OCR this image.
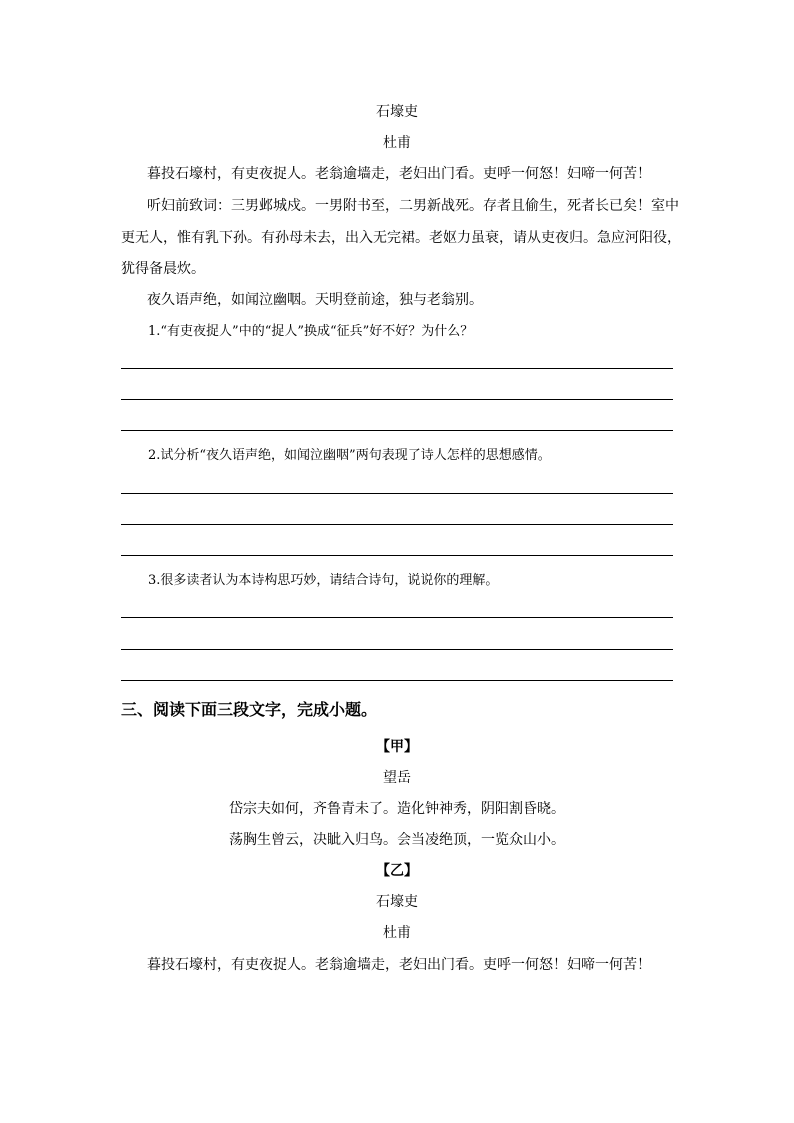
石壕吏
杜甫
暮投石壕村，有吏夜捉人。老翁逾墙走，老妇出门看。吏呼一何怒！妇啼一何苦！
听妇前致词：三男邺城戍。一男附书至，二男新战死。存者且偷生，死者长已矣！室中
更无人，惟有乳下孙。有孙母未去，出入无完裙。老妪力虽衰，请从吏夜归。急应河阳役，
犹得备晨炊。
夜久语声绝，如闻泣幽咽。天明登前途，独与老翁别。
1.“有吏夜捉人”中的“捉人”换成“征兵”好不好？为什么？
2.试分析“夜久语声绝，如闻泣幽咽”两句表现了诗人怎样的思想感情。
3.很多读者认为本诗构思巧妙，请结合诗句，说说你的理解。
三、阅读下面三段文字，完成小题。
【甲】
望岳
岱宗夫如何，齐鲁青未了。造化钟神秀，阴阳割昏晓。
荡胸生曾云，决眦入归鸟。会当凌绝顶，一览众山小。
【乙】
石壕吏
杜甫
暮投石壕村，有吏夜捉人。老翁逾墙走，老妇出门看。吏呼一何怒！妇啼一何苦！
